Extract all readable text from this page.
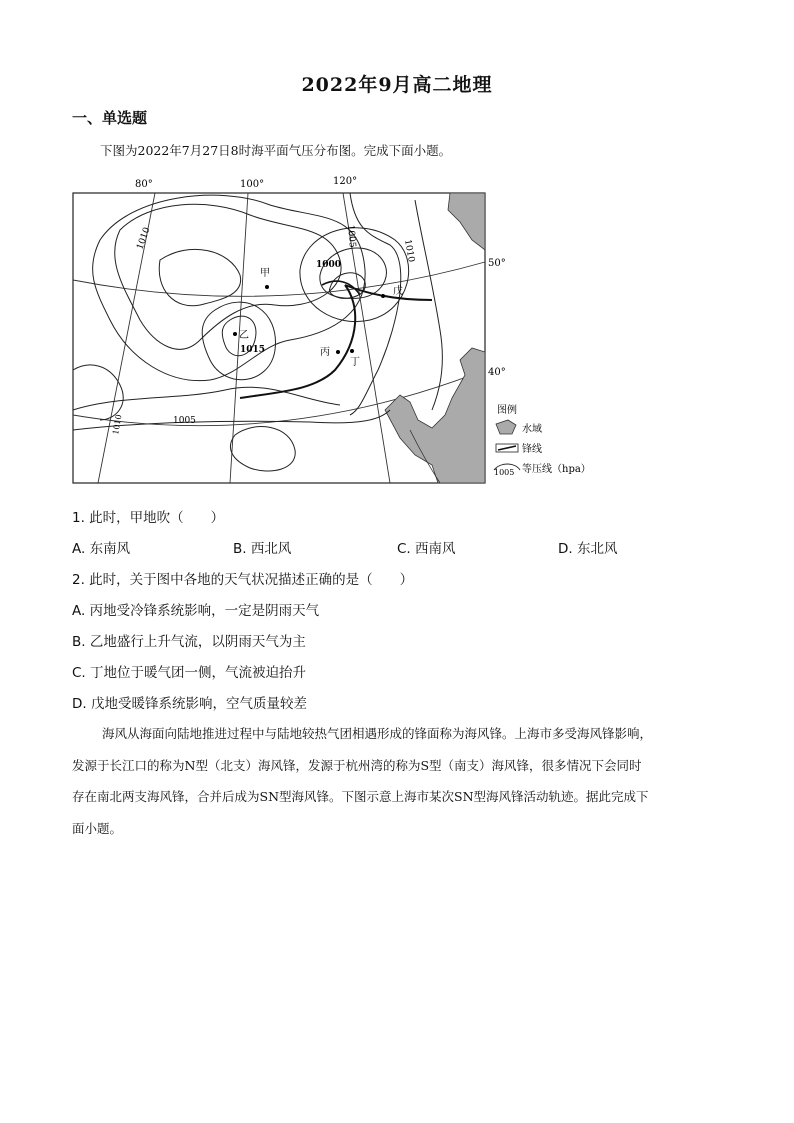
2022年9月高二地理
一、单选题
下图为2022年7月27日8时海平面气压分布图。完成下面小题。
80°	100°	120°
50°
40°
1010	1010
1005
1000
1015
1005
1010
甲
乙
丙
丁
戊
图例
水域
锋线
1005 等压线（hpa）
1. 此时，甲地吹（　　）
A. 东南风	B. 西北风	C. 西南风	D. 东北风
2. 此时，关于图中各地的天气状况描述正确的是（　　）
A. 丙地受冷锋系统影响，一定是阴雨天气
B. 乙地盛行上升气流，以阴雨天气为主
C. 丁地位于暖气团一侧，气流被迫抬升
D. 戊地受暖锋系统影响，空气质量较差
海风从海面向陆地推进过程中与陆地较热气团相遇形成的锋面称为海风锋。上海市多受海风锋影响，
发源于长江口的称为N型（北支）海风锋，发源于杭州湾的称为S型（南支）海风锋，很多情况下会同时
存在南北两支海风锋，合并后成为SN型海风锋。下图示意上海市某次SN型海风锋活动轨迹。据此完成下
面小题。
